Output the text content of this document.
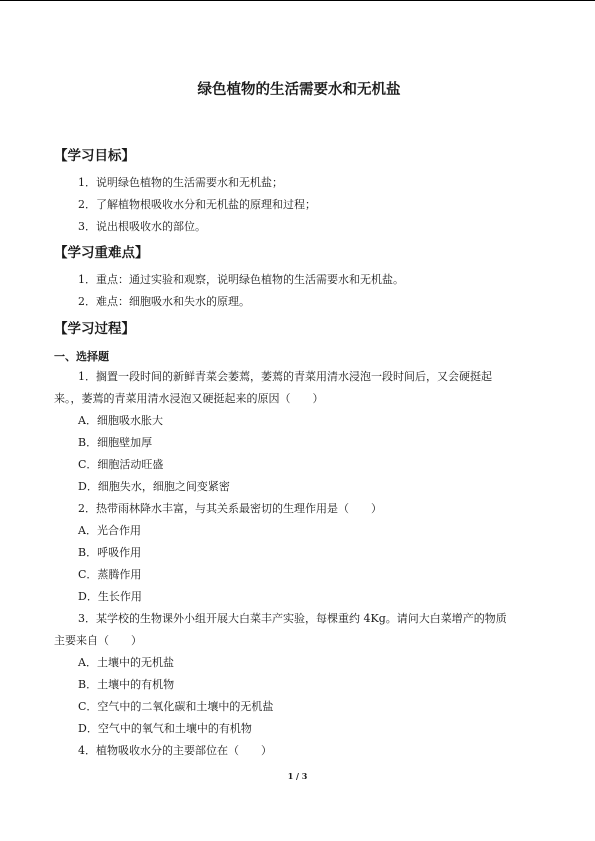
绿色植物的生活需要水和无机盐
【学习目标】
1．说明绿色植物的生活需要水和无机盐；
2．了解植物根吸收水分和无机盐的原理和过程；
3．说出根吸收水的部位。
【学习重难点】
1．重点：通过实验和观察，说明绿色植物的生活需要水和无机盐。
2．难点：细胞吸水和失水的原理。
【学习过程】
一、选择题
1．搁置一段时间的新鲜青菜会萎蔫，萎蔫的青菜用清水浸泡一段时间后，又会硬挺起
来。，萎蔫的青菜用清水浸泡又硬挺起来的原因（　　）
A．细胞吸水胀大
B．细胞壁加厚
C．细胞活动旺盛
D．细胞失水，细胞之间变紧密
2．热带雨林降水丰富，与其关系最密切的生理作用是（　　）
A．光合作用
B．呼吸作用
C．蒸腾作用
D．生长作用
3．某学校的生物课外小组开展大白菜丰产实验，每棵重约 4Kg。请问大白菜增产的物质
主要来自（　　）
A．土壤中的无机盐
B．土壤中的有机物
C．空气中的二氧化碳和土壤中的无机盐
D．空气中的氧气和土壤中的有机物
4．植物吸收水分的主要部位在（　　）
1 / 3
